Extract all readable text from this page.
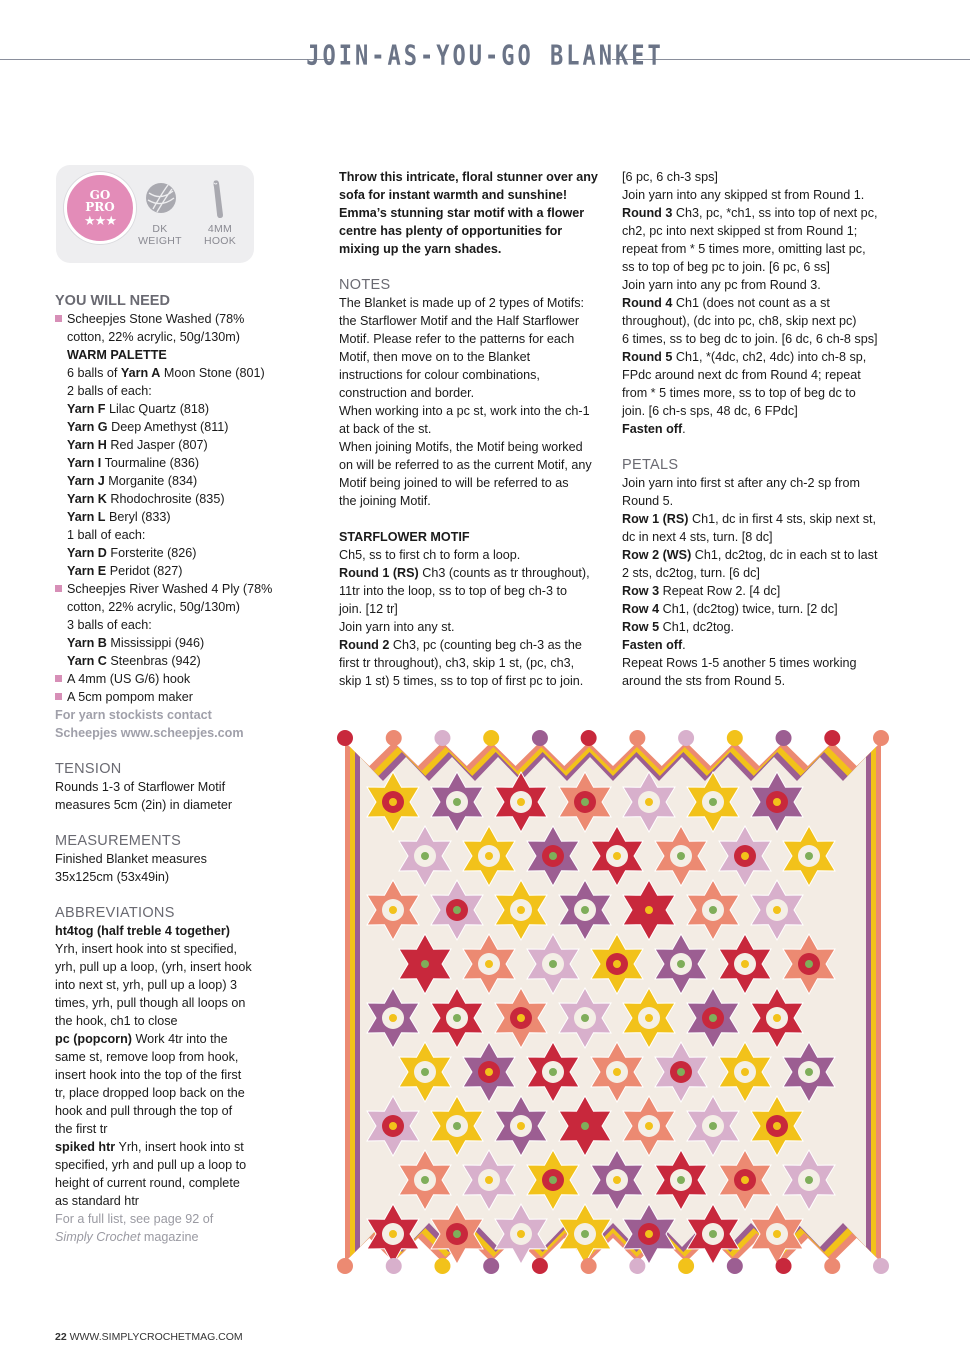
JOIN-AS-YOU-GO BLANKET
GO
PRO
★★★
DK
WEIGHT
4MM
HOOK

YOU WILL NEED

Scheepjes Stone Washed (78%

cotton, 22% acrylic, 50g/130m)

WARM PALETTE

6 balls of Yarn A Moon Stone (801)

2 balls of each:

Yarn F Lilac Quartz (818)

Yarn G Deep Amethyst (811)

Yarn H Red Jasper (807)

Yarn I Tourmaline (836)

Yarn J Morganite (834)

Yarn K Rhodochrosite (835)

Yarn L Beryl (833)

1 ball of each:

Yarn D Forsterite (826)

Yarn E Peridot (827)

Scheepjes River Washed 4 Ply (78%

cotton, 22% acrylic, 50g/130m)

3 balls of each:

Yarn B Mississippi (946)

Yarn C Steenbras (942)

A 4mm (US G/6) hook

A 5cm pompom maker

For yarn stockists contact

Scheepjes www.scheepjes.com

TENSION

Rounds 1-3 of Starflower Motif

measures 5cm (2in) in diameter

MEASUREMENTS

Finished Blanket measures

35x125cm (53x49in)

ABBREVIATIONS

ht4tog (half treble 4 together)

Yrh, insert hook into st specified,

yrh, pull up a loop, (yrh, insert hook

into next st, yrh, pull up a loop) 3

times, yrh, pull though all loops on

the hook, ch1 to close

pc (popcorn) Work 4tr into the

same st, remove loop from hook,

insert hook into the top of the first

tr, place dropped loop back on the

hook and pull through the top of

the first tr

spiked htr Yrh, insert hook into st

specified, yrh and pull up a loop to

height of current round, complete

as standard htr

For a full list, see page 92 of

Simply Crochet magazine

Throw this intricate, floral stunner over any

sofa for instant warmth and sunshine!

Emma’s stunning star motif with a flower

centre has plenty of opportunities for

mixing up the yarn shades.

NOTES

The Blanket is made up of 2 types of Motifs:

the Starflower Motif and the Half Starflower

Motif. Please refer to the patterns for each

Motif, then move on to the Blanket

instructions for colour combinations,

construction and border.

When working into a pc st, work into the ch-1

at back of the st.

When joining Motifs, the Motif being worked

on will be referred to as the current Motif, any

Motif being joined to will be referred to as

the joining Motif.

STARFLOWER MOTIF

Ch5, ss to first ch to form a loop.

Round 1 (RS) Ch3 (counts as tr throughout),

11tr into the loop, ss to top of beg ch-3 to

join. [12 tr]

Join yarn into any st.

Round 2 Ch3, pc (counting beg ch-3 as the

first tr throughout), ch3, skip 1 st, (pc, ch3,

skip 1 st) 5 times, ss to top of first pc to join.

[6 pc, 6 ch-3 sps]

Join yarn into any skipped st from Round 1.

Round 3 Ch3, pc, *ch1, ss into top of next pc,

ch2, pc into next skipped st from Round 1;

repeat from * 5 times more, omitting last pc,

ss to top of beg pc to join. [6 pc, 6 ss]

Join yarn into any pc from Round 3.

Round 4 Ch1 (does not count as a st

throughout), (dc into pc, ch8, skip next pc)

6 times, ss to beg dc to join. [6 dc, 6 ch-8 sps]

Round 5 Ch1, *(4dc, ch2, 4dc) into ch-8 sp,

FPdc around next dc from Round 4; repeat

from * 5 times more, ss to top of beg dc to

join. [6 ch-s sps, 48 dc, 6 FPdc]

Fasten off.

PETALS

Join yarn into first st after any ch-2 sp from

Round 5.

Row 1 (RS) Ch1, dc in first 4 sts, skip next st,

dc in next 4 sts, turn. [8 dc]

Row 2 (WS) Ch1, dc2tog, dc in each st to last

2 sts, dc2tog, turn. [6 dc]

Row 3 Repeat Row 2. [4 dc]

Row 4 Ch1, (dc2tog) twice, turn. [2 dc]

Row 5 Ch1, dc2tog.

Fasten off.

Repeat Rows 1-5 another 5 times working

around the sts from Round 5.

22 WWW.SIMPLYCROCHETMAG.COM
